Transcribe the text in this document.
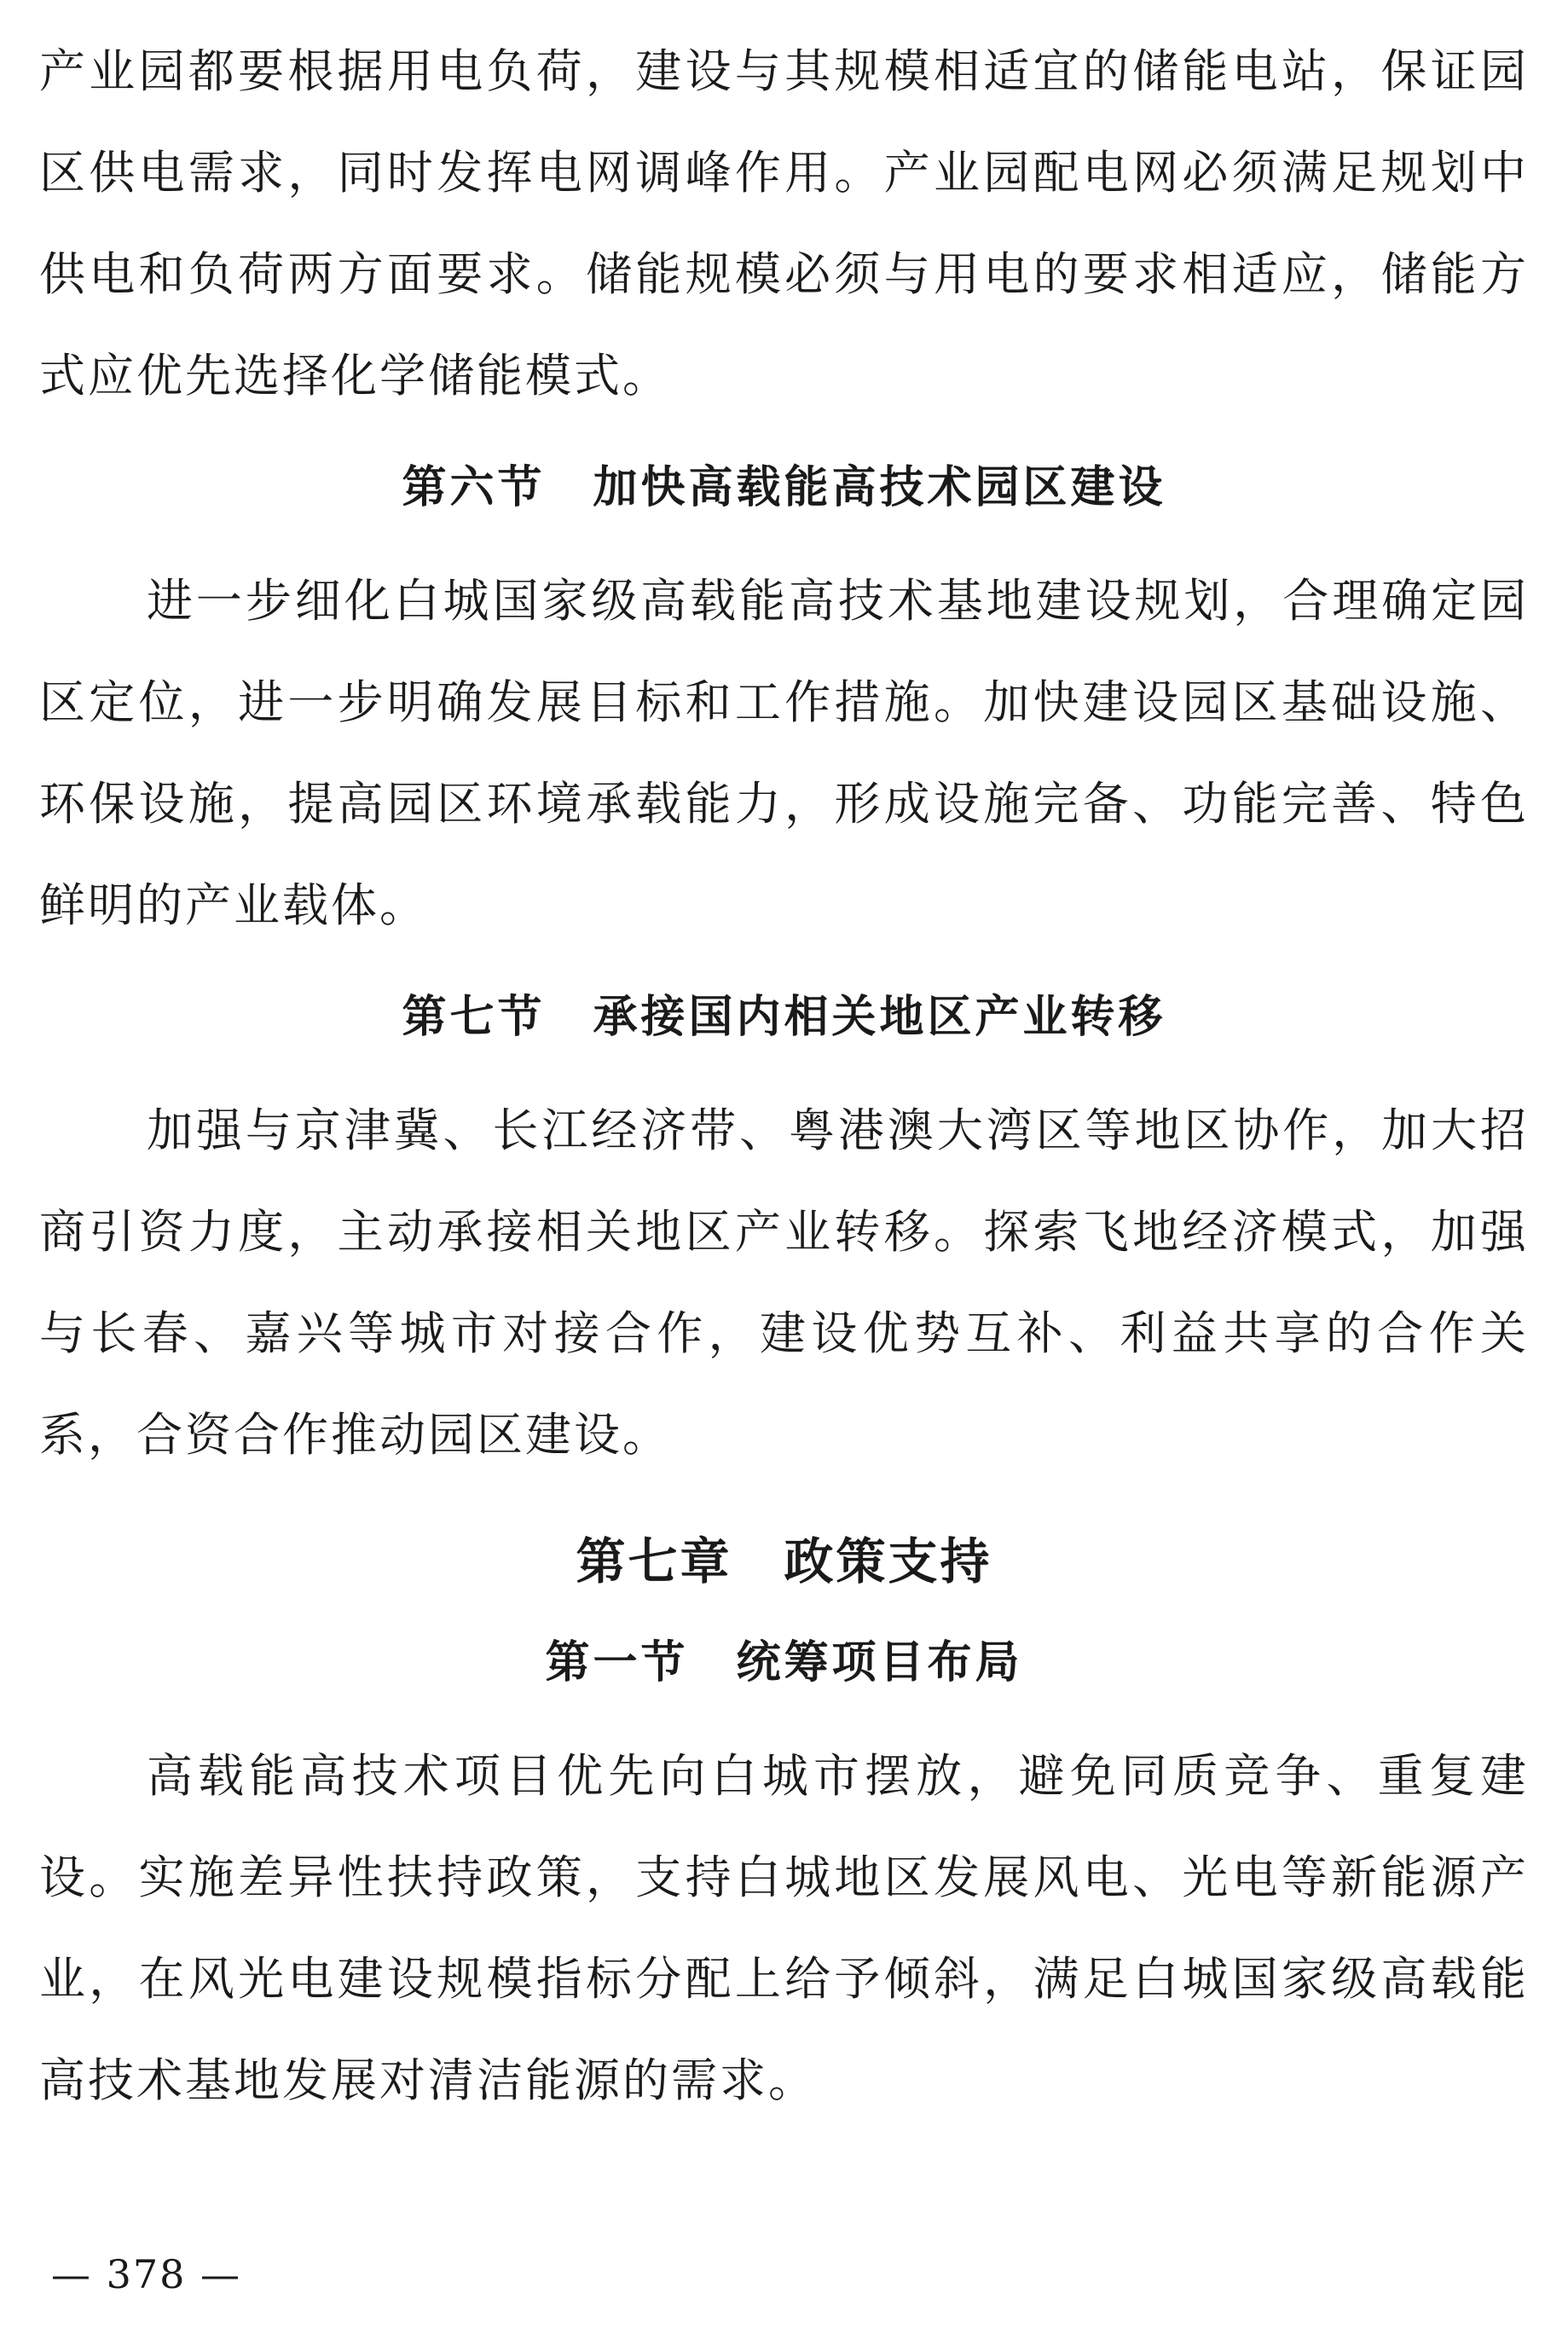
产业园都要根据用电负荷，建设与其规模相适宜的储能电站，保证园区供电需求，同时发挥电网调峰作用。产业园配电网必须满足规划中供电和负荷两方面要求。储能规模必须与用电的要求相适应，储能方式应优先选择化学储能模式。

第六节　加快高载能高技术园区建设

进一步细化白城国家级高载能高技术基地建设规划，合理确定园区定位，进一步明确发展目标和工作措施。加快建设园区基础设施、环保设施，提高园区环境承载能力，形成设施完备、功能完善、特色鲜明的产业载体。

第七节　承接国内相关地区产业转移

加强与京津冀、长江经济带、粤港澳大湾区等地区协作，加大招商引资力度，主动承接相关地区产业转移。探索飞地经济模式，加强与长春、嘉兴等城市对接合作，建设优势互补、利益共享的合作关系，合资合作推动园区建设。

第七章　政策支持
第一节　统筹项目布局

高载能高技术项目优先向白城市摆放，避免同质竞争、重复建设。实施差异性扶持政策，支持白城地区发展风电、光电等新能源产业，在风光电建设规模指标分配上给予倾斜，满足白城国家级高载能高技术基地发展对清洁能源的需求。

— 378 —
